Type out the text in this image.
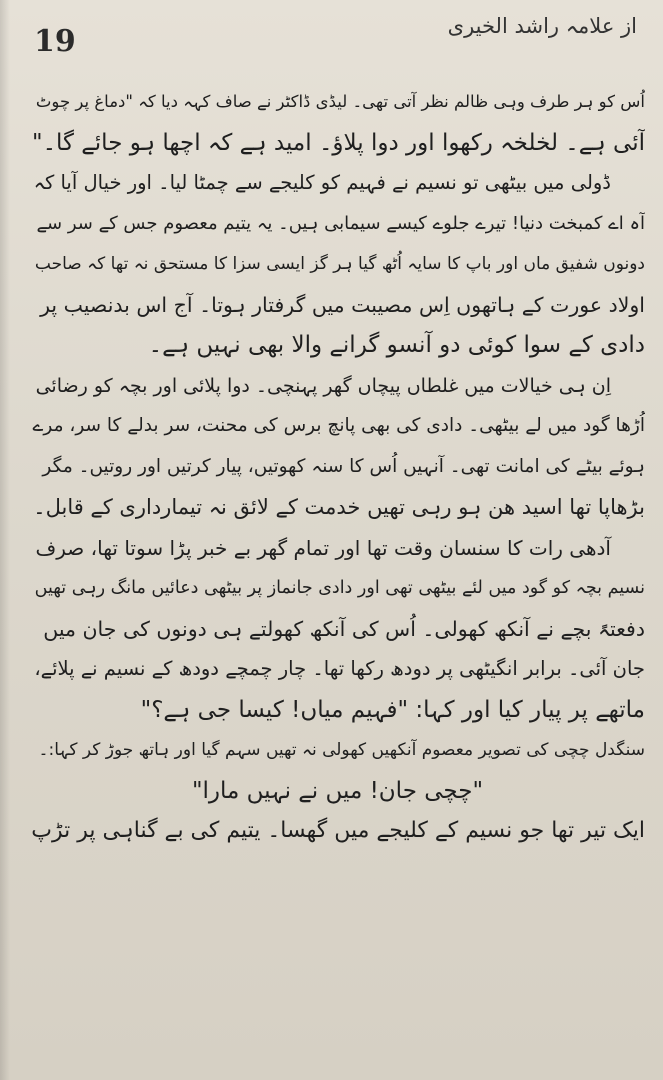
19	از علامہ راشد الخیری
اُس کو ہر طرف وہی ظالم نظر آتی تھی۔ لیڈی ڈاکٹر نے صاف کہہ دیا کہ "دماغ پر چوٹ
آئی ہے۔ لخلخہ رکھوا اور دوا پلاؤ۔ امید ہے کہ اچھا ہو جائے گا۔"
ڈولی میں بیٹھی تو نسیم نے فہیم کو کلیجے سے چمٹا لیا۔ اور خیال آیا کہ
آہ اے کمبخت دنیا! تیرے جلوے کیسے سیمابی ہیں۔ یہ یتیم معصوم جس کے سر سے
دونوں شفیق ماں اور باپ کا سایہ اُٹھ گیا ہر گز ایسی سزا کا مستحق نہ تھا کہ صاحب
اولاد عورت کے ہاتھوں اِس مصیبت میں گرفتار ہوتا۔ آج اس بدنصیب پر
دادی کے سوا کوئی دو آنسو گرانے والا بھی نہیں ہے۔
اِن ہی خیالات میں غلطاں پیچاں گھر پہنچی۔ دوا پلائی اور بچہ کو رضائی
اُڑھا گود میں لے بیٹھی۔ دادی کی بھی پانچ برس کی محنت، سر بدلے کا سر، مرے
ہوئے بیٹے کی امانت تھی۔ آنہیں اُس کا سنہ کھوتیں، پیار کرتیں اور روتیں۔ مگر
بڑھاپا تھا اسید ھن ہو رہی تھیں خدمت کے لائق نہ تیمارداری کے قابل۔
آدھی رات کا سنسان وقت تھا اور تمام گھر بے خبر پڑا سوتا تھا، صرف
نسیم بچہ کو گود میں لئے بیٹھی تھی اور دادی جانماز پر بیٹھی دعائیں مانگ رہی تھیں
دفعتہً بچے نے آنکھ کھولی۔ اُس کی آنکھ کھولتے ہی دونوں کی جان میں
جان آئی۔ برابر انگیٹھی پر دودھ رکھا تھا۔ چار چمچے دودھ کے نسیم نے پلائے،
ماتھے پر پیار کیا اور کہا: "فہیم میاں! کیسا جی ہے؟"
سنگدل چچی کی تصویر معصوم آنکھیں کھولی نہ تھیں سہم گیا اور ہاتھ جوڑ کر کہا:۔
"چچی جان! میں نے نہیں مارا"
ایک تیر تھا جو نسیم کے کلیجے میں گھسا۔ یتیم کی بے گناہی پر تڑپ
